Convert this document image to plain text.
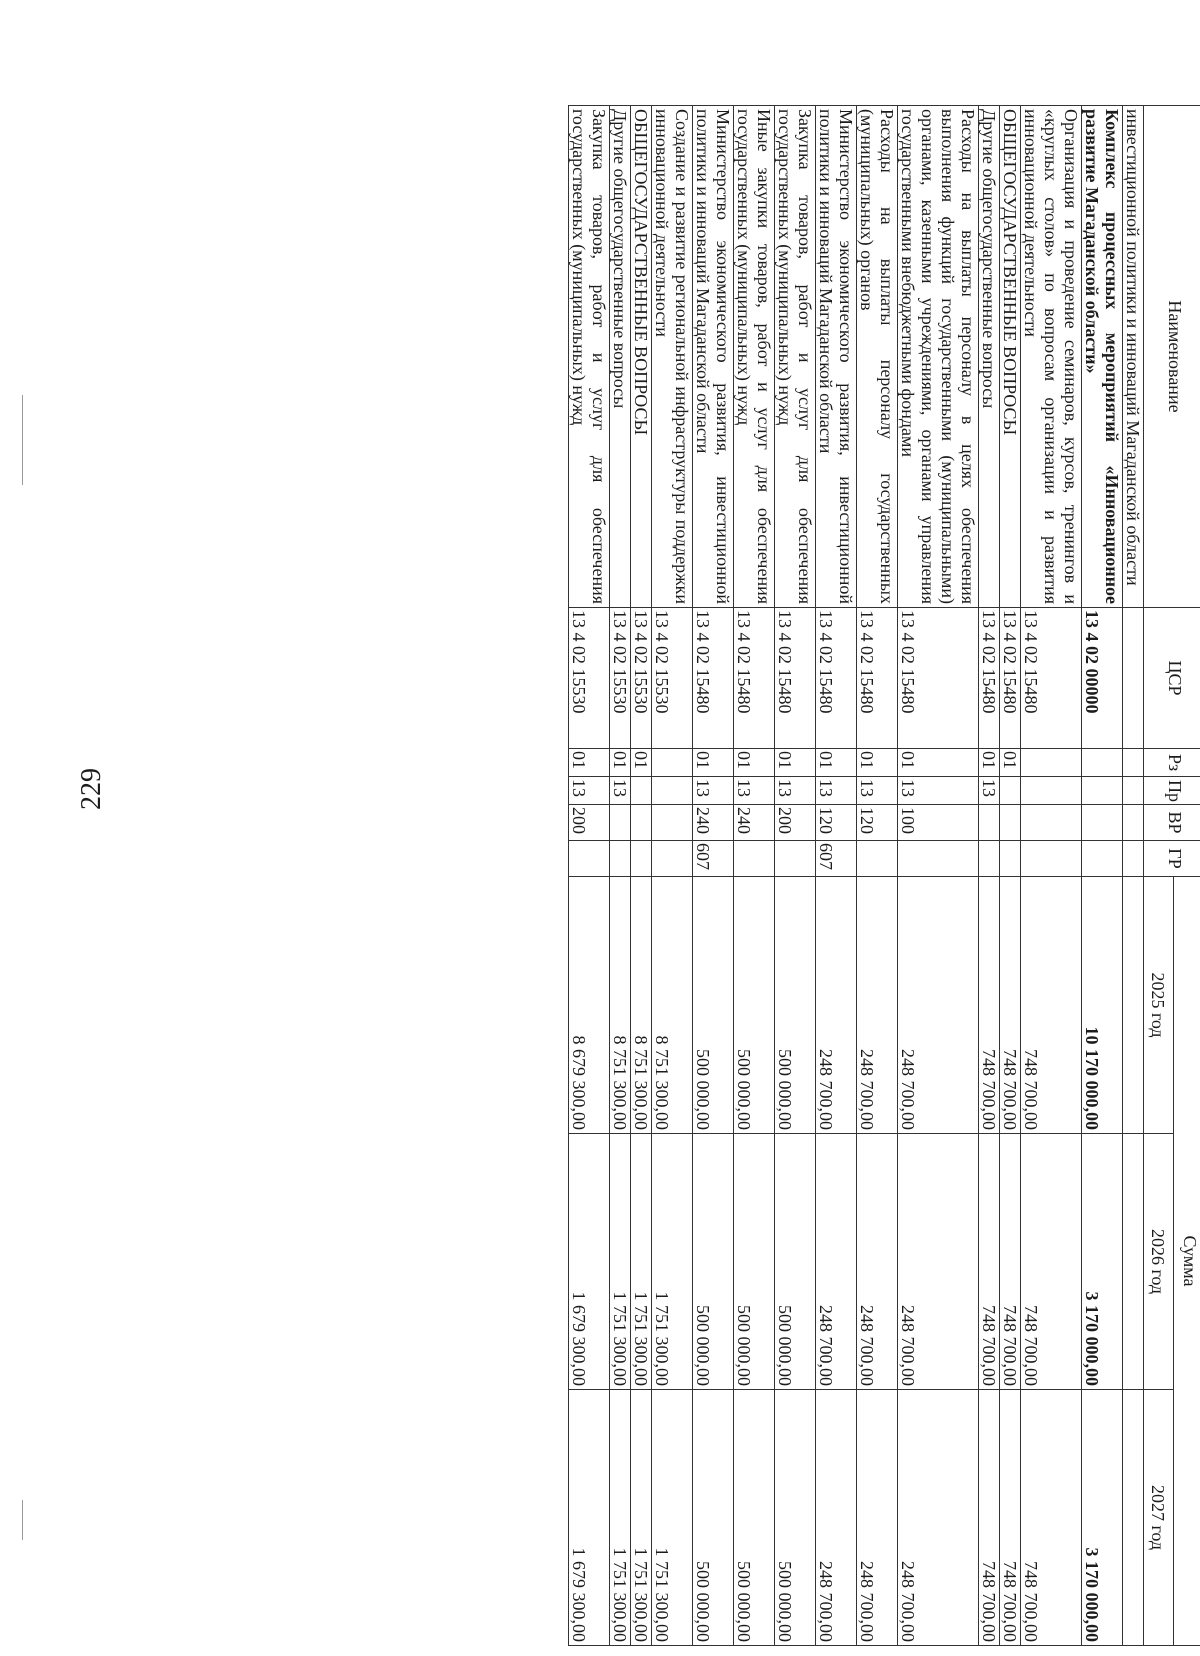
229
Наименование	ЦСР	Рз	Пр	ВР	ГР	Сумма		
						2025 год	2026 год	2027 год
инвестиционной политики и инноваций Магаданской области								
Комплекс процессных мероприятий «Инновационное развитие Магаданской области»	13 4 02 00000					10 170 000,00	3 170 000,00	3 170 000,00
Организация и проведение семинаров, курсов, тренингов и «круглых столов» по вопросам организации и развития инновационной деятельности	13 4 02 15480					748 700,00	748 700,00	748 700,00
ОБЩЕГОСУДАРСТВЕННЫЕ ВОПРОСЫ	13 4 02 15480	01				748 700,00	748 700,00	748 700,00
Другие общегосударственные вопросы	13 4 02 15480	01	13			748 700,00	748 700,00	748 700,00
Расходы на выплаты персоналу в целях обеспечения выполнения функций государственными (муниципальными) органами, казенными учреждениями, органами управления государственными внебюджетными фондами	13 4 02 15480	01	13	100		248 700,00	248 700,00	248 700,00
Расходы на выплаты персоналу государственных (муниципальных) органов	13 4 02 15480	01	13	120		248 700,00	248 700,00	248 700,00
Министерство экономического развития, инвестиционной политики и инноваций Магаданской области	13 4 02 15480	01	13	120	607	248 700,00	248 700,00	248 700,00
Закупка товаров, работ и услуг для обеспечения государственных (муниципальных) нужд	13 4 02 15480	01	13	200		500 000,00	500 000,00	500 000,00
Иные закупки товаров, работ и услуг для обеспечения государственных (муниципальных) нужд	13 4 02 15480	01	13	240		500 000,00	500 000,00	500 000,00
Министерство экономического развития, инвестиционной политики и инноваций Магаданской области	13 4 02 15480	01	13	240	607	500 000,00	500 000,00	500 000,00
Создание и развитие региональной инфраструктуры поддержки инновационной деятельности	13 4 02 15530					8 751 300,00	1 751 300,00	1 751 300,00
ОБЩЕГОСУДАРСТВЕННЫЕ ВОПРОСЫ	13 4 02 15530	01				8 751 300,00	1 751 300,00	1 751 300,00
Другие общегосударственные вопросы	13 4 02 15530	01	13			8 751 300,00	1 751 300,00	1 751 300,00
Закупка товаров, работ и услуг для обеспечения государственных (муниципальных) нужд	13 4 02 15530	01	13	200		8 679 300,00	1 679 300,00	1 679 300,00
